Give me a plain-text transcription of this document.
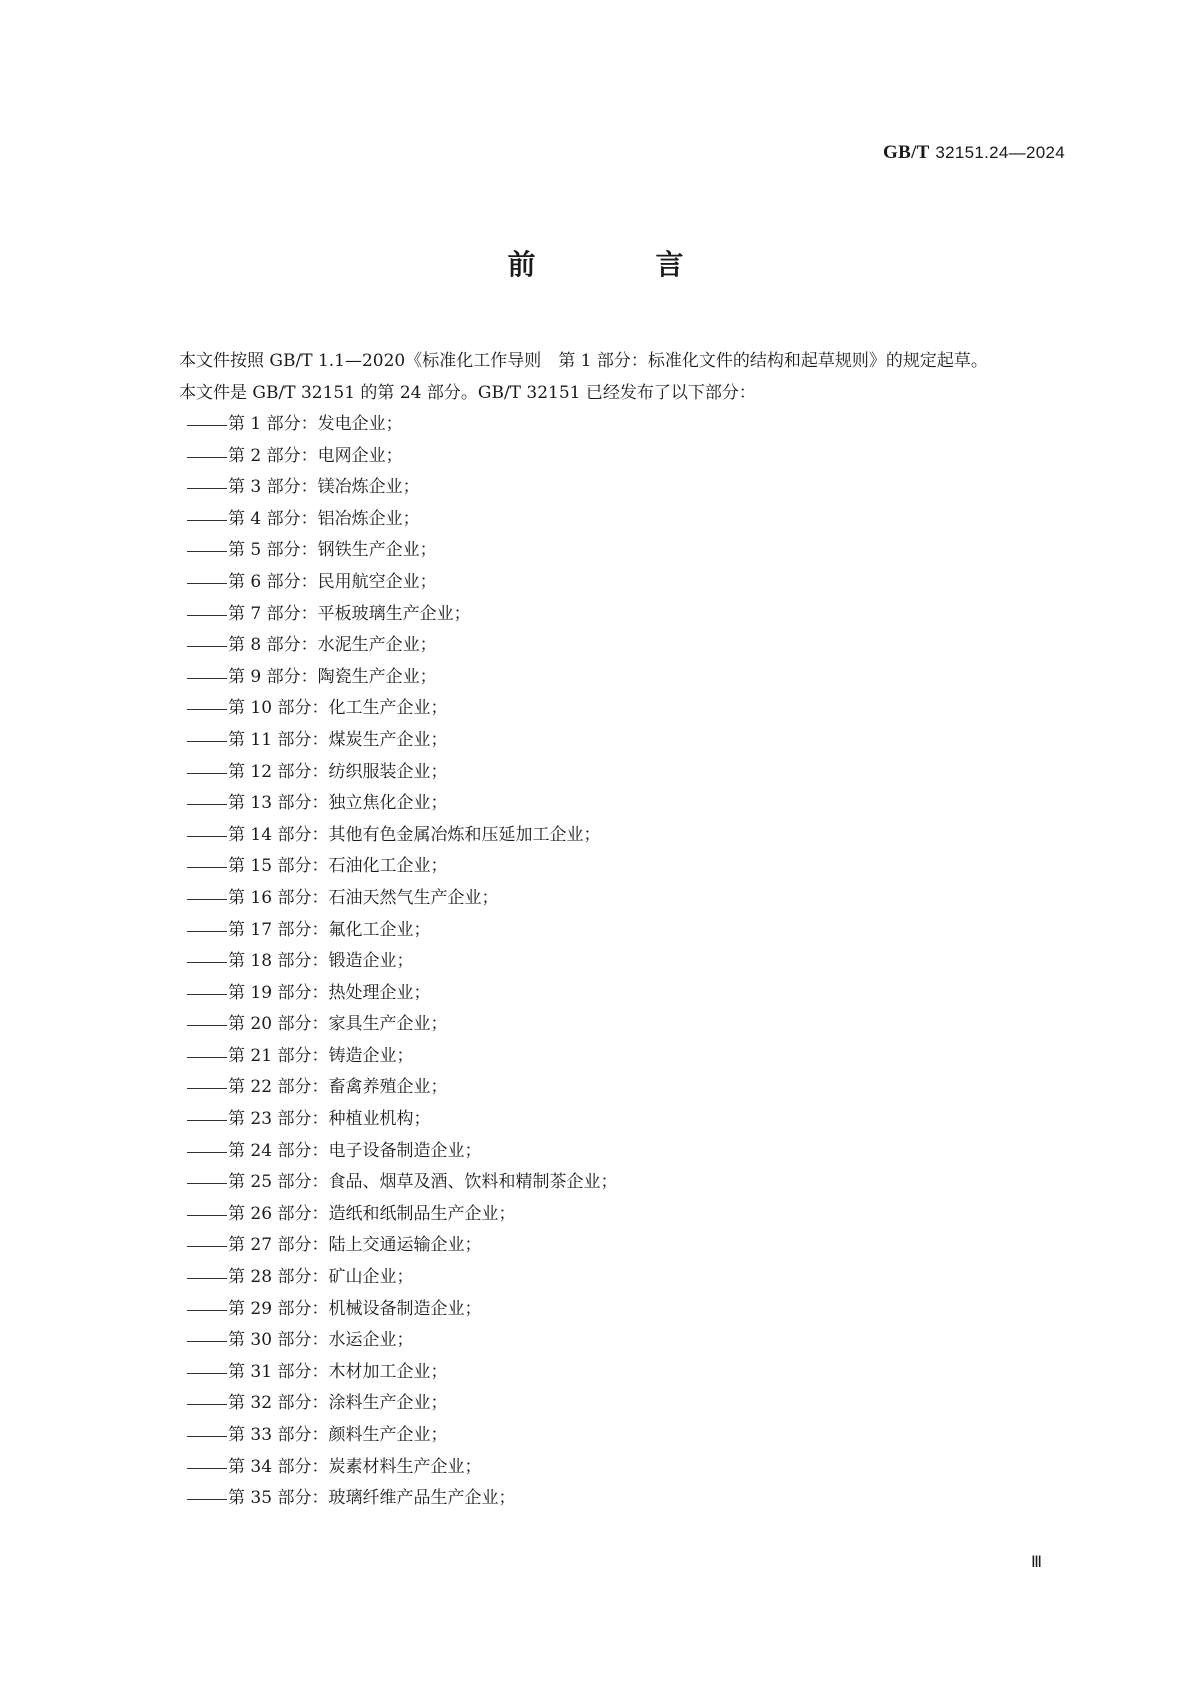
GB/T 32151.24—2024
前　言

本文件按照 GB/T 1.1—2020《标准化工作导则　第 1 部分：标准化文件的结构和起草规则》的规定起草。

本文件是 GB/T 32151 的第 24 部分。GB/T 32151 已经发布了以下部分：

第 1 部分：发电企业；
第 2 部分：电网企业；
第 3 部分：镁冶炼企业；
第 4 部分：铝冶炼企业；
第 5 部分：钢铁生产企业；
第 6 部分：民用航空企业；
第 7 部分：平板玻璃生产企业；
第 8 部分：水泥生产企业；
第 9 部分：陶瓷生产企业；
第 10 部分：化工生产企业；
第 11 部分：煤炭生产企业；
第 12 部分：纺织服装企业；
第 13 部分：独立焦化企业；
第 14 部分：其他有色金属冶炼和压延加工企业；
第 15 部分：石油化工企业；
第 16 部分：石油天然气生产企业；
第 17 部分：氟化工企业；
第 18 部分：锻造企业；
第 19 部分：热处理企业；
第 20 部分：家具生产企业；
第 21 部分：铸造企业；
第 22 部分：畜禽养殖企业；
第 23 部分：种植业机构；
第 24 部分：电子设备制造企业；
第 25 部分：食品、烟草及酒、饮料和精制茶企业；
第 26 部分：造纸和纸制品生产企业；
第 27 部分：陆上交通运输企业；
第 28 部分：矿山企业；
第 29 部分：机械设备制造企业；
第 30 部分：水运企业；
第 31 部分：木材加工企业；
第 32 部分：涂料生产企业；
第 33 部分：颜料生产企业；
第 34 部分：炭素材料生产企业；
第 35 部分：玻璃纤维产品生产企业；
Ⅲ
